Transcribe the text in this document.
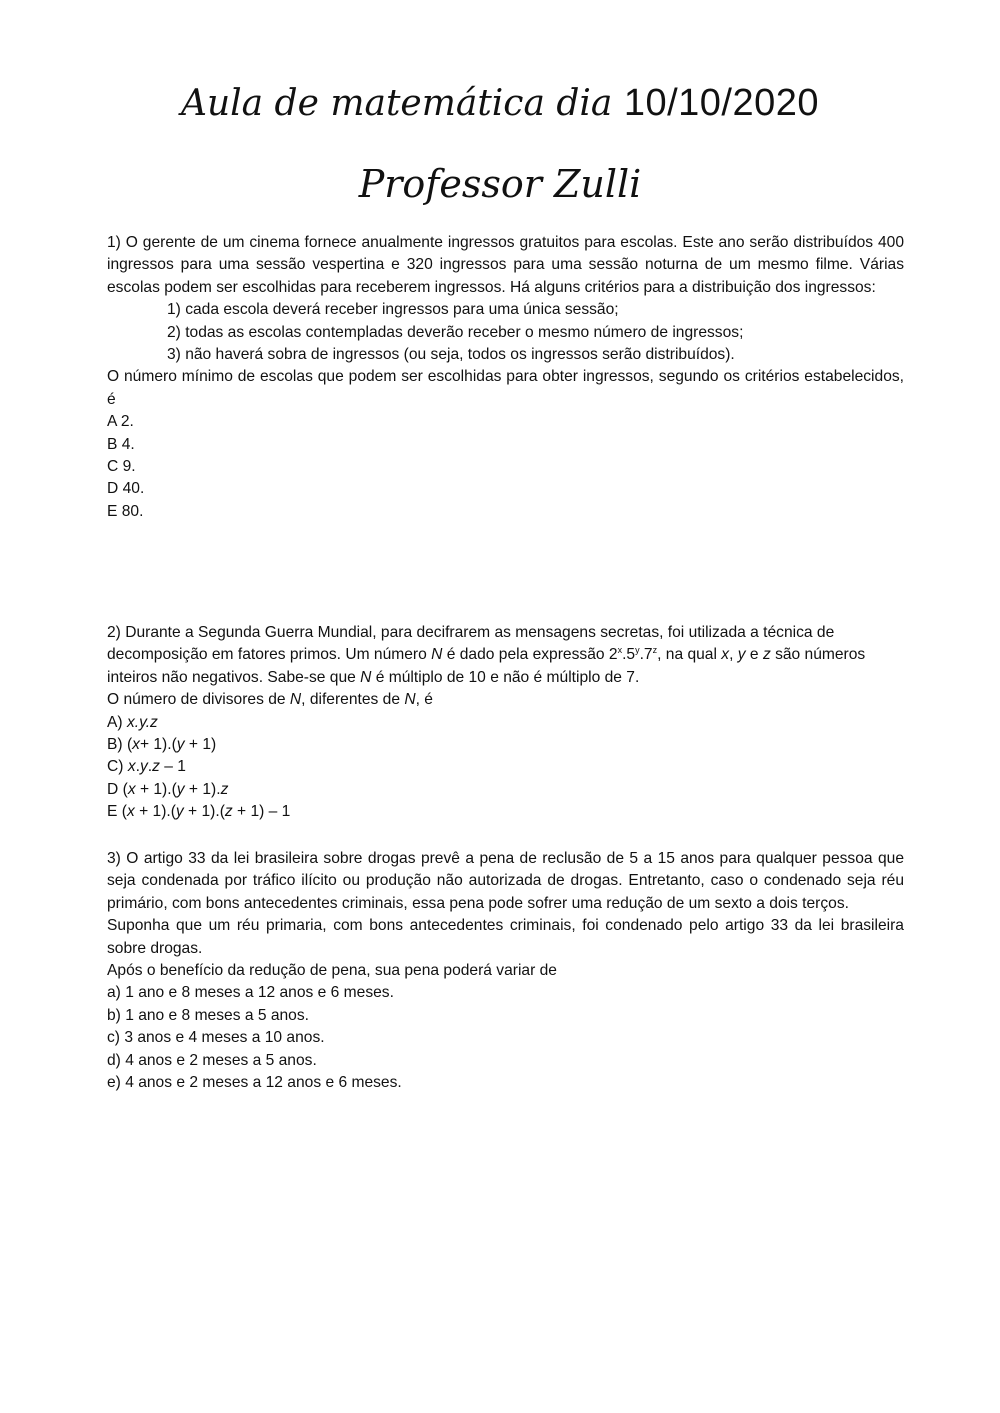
Aula de matemática dia 10/10/2020
Professor Zulli

1) O gerente de um cinema fornece anualmente ingressos gratuitos para escolas. Este ano serão distribuídos 400 ingressos para uma sessão vespertina e 320 ingressos para uma sessão noturna de um mesmo filme. Várias escolas podem ser escolhidas para receberem ingressos. Há alguns critérios para a distribuição dos ingressos:

1) cada escola deverá receber ingressos para uma única sessão;

2) todas as escolas contempladas deverão receber o mesmo número de ingressos;

3) não haverá sobra de ingressos (ou seja, todos os ingressos serão distribuídos).

O número mínimo de escolas que podem ser escolhidas para obter ingressos, segundo os critérios estabelecidos, é

A 2.

B 4.

C 9.

D 40.

E 80.

2) Durante a Segunda Guerra Mundial, para decifrarem as mensagens secretas, foi utilizada a técnica de

decomposição em fatores primos. Um número N é dado pela expressão 2$^x$.5$^y$.7$^z$, na qual x, y e z são números

inteiros não negativos. Sabe-se que N é múltiplo de 10 e não é múltiplo de 7.

O número de divisores de N, diferentes de N, é

A) x.y.z

B) (x+ 1).(y + 1)

C) x.y.z – 1

D (x + 1).(y + 1).z

E (x + 1).(y + 1).(z + 1) – 1

3) O artigo 33 da lei brasileira sobre drogas prevê a pena de reclusão de 5 a 15 anos para qualquer pessoa que seja condenada por tráfico ilícito ou produção não autorizada de drogas. Entretanto, caso o condenado seja réu primário, com bons antecedentes criminais, essa pena pode sofrer uma redução de um sexto a dois terços.

Suponha que um réu primaria, com bons antecedentes criminais, foi condenado pelo artigo 33 da lei brasileira sobre drogas.

Após o benefício da redução de pena, sua pena poderá variar de

a) 1 ano e 8 meses a 12 anos e 6 meses.

b) 1 ano e 8 meses a 5 anos.

c) 3 anos e 4 meses a 10 anos.

d) 4 anos e 2 meses a 5 anos.

e) 4 anos e 2 meses a 12 anos e 6 meses.
